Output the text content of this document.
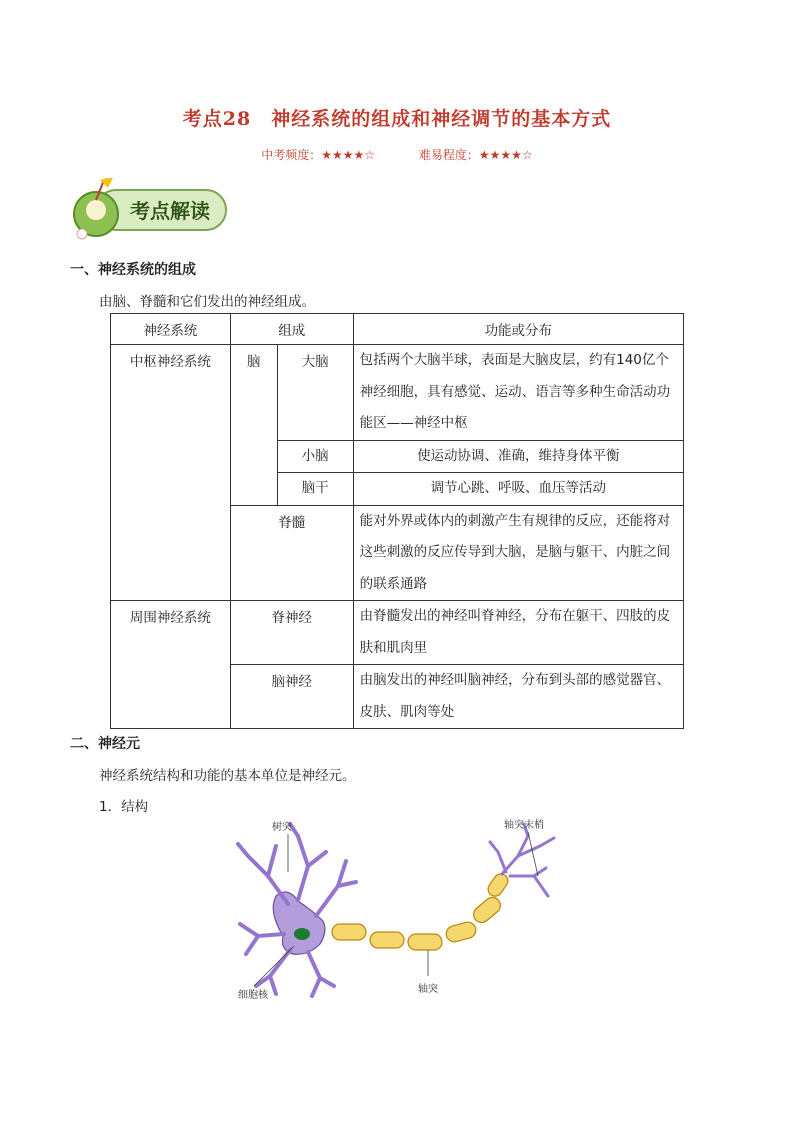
考点28　神经系统的组成和神经调节的基本方式
中考频度：★★★★☆	难易程度：★★★★☆
考点解读
一、神经系统的组成
由脑、脊髓和它们发出的神经组成。
神经系统	组成		功能或分布
中枢神经系统	脑	大脑	包括两个大脑半球，表面是大脑皮层，约有140亿个神经细胞，具有感觉、运动、语言等多种生命活动功能区——神经中枢
		小脑	使运动协调、准确，维持身体平衡
		脑干	调节心跳、呼吸、血压等活动
	脊髓		能对外界或体内的刺激产生有规律的反应，还能将对这些刺激的反应传导到大脑，是脑与躯干、内脏之间的联系通路
周围神经系统	脊神经		由脊髓发出的神经叫脊神经，分布在躯干、四肢的皮肤和肌肉里
	脑神经		由脑发出的神经叫脑神经，分布到头部的感觉器官、皮肤、肌肉等处
二、神经元
神经系统结构和功能的基本单位是神经元。
1．结构
树突	轴突末梢
细胞核
轴突
